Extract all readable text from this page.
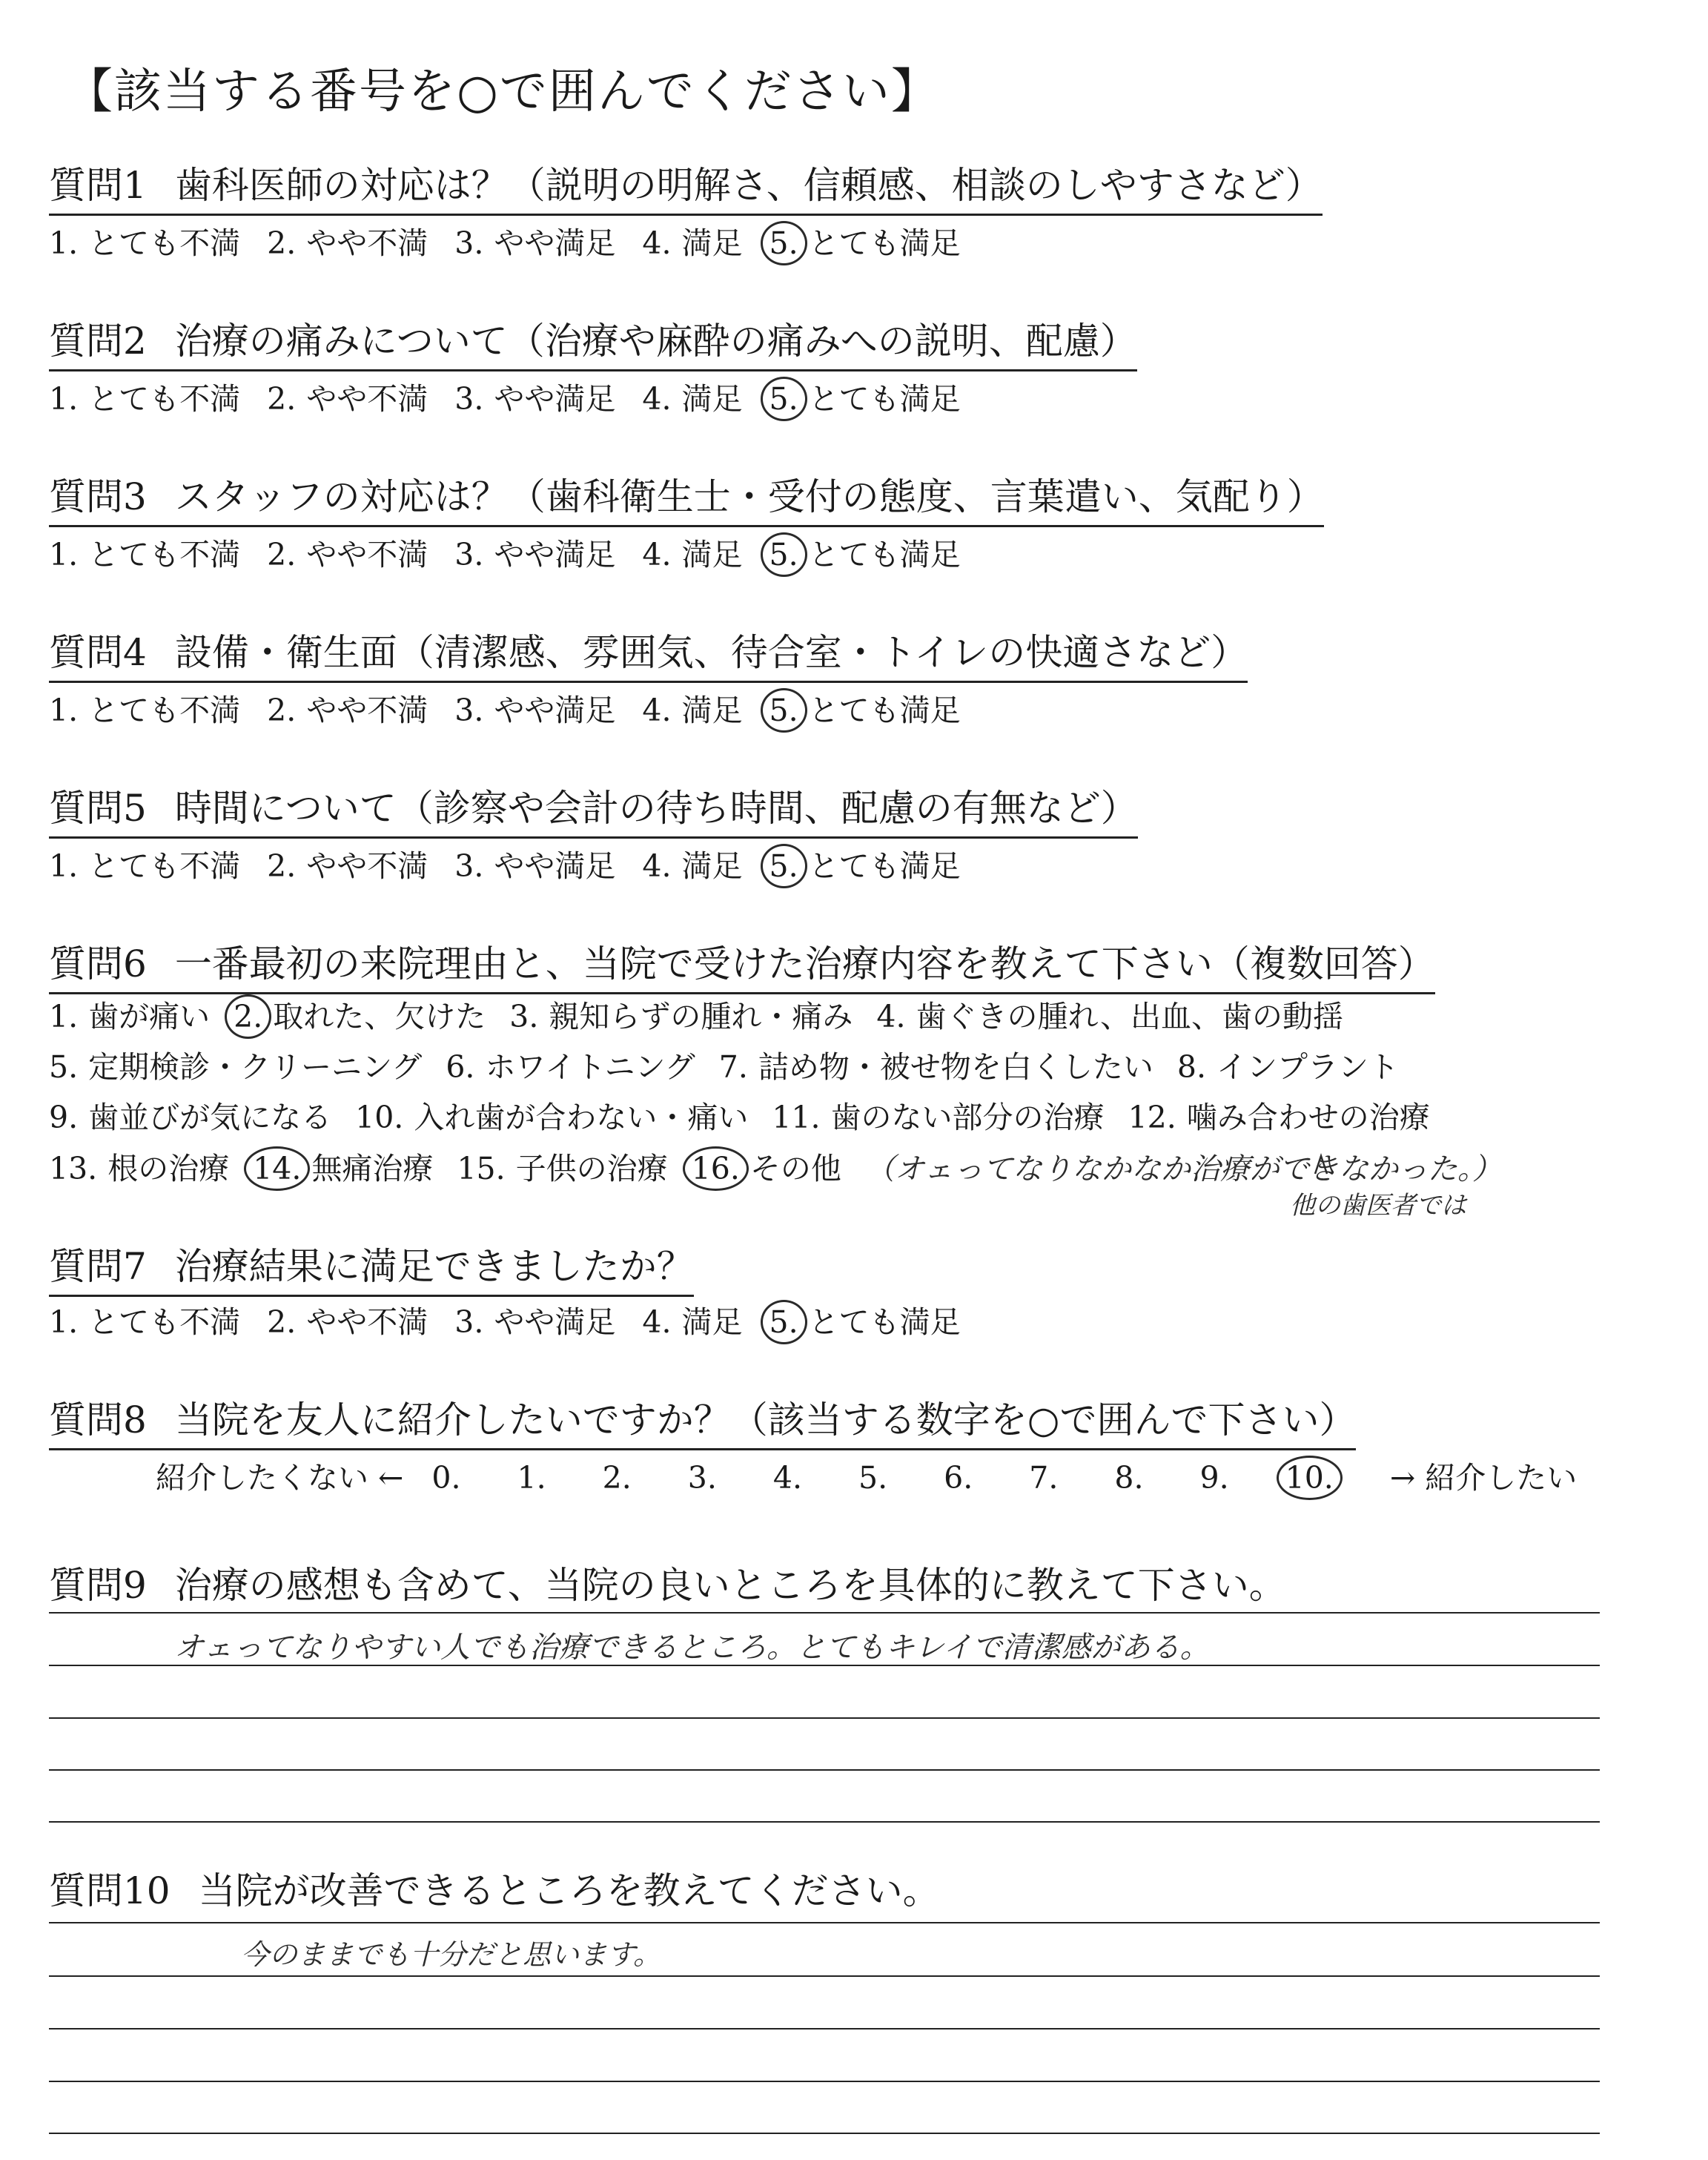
【該当する番号を○で囲んでください】
質問1 歯科医師の対応は？（説明の明解さ、信頼感、相談のしやすさなど）
1. とても不満 2. やや不満 3. やや満足 4. 満足 5. とても満足
質問2 治療の痛みについて（治療や麻酔の痛みへの説明、配慮）
1. とても不満 2. やや不満 3. やや満足 4. 満足 5. とても満足
質問3 スタッフの対応は？（歯科衛生士・受付の態度、言葉遣い、気配り）
1. とても不満 2. やや不満 3. やや満足 4. 満足 5. とても満足
質問4 設備・衛生面（清潔感、雰囲気、待合室・トイレの快適さなど）
1. とても不満 2. やや不満 3. やや満足 4. 満足 5. とても満足
質問5 時間について（診察や会計の待ち時間、配慮の有無など）
1. とても不満 2. やや不満 3. やや満足 4. 満足 5. とても満足
質問6 一番最初の来院理由と、当院で受けた治療内容を教えて下さい（複数回答）
1. 歯が痛い 2. 取れた、欠けた 3. 親知らずの腫れ・痛み 4. 歯ぐきの腫れ、出血、歯の動揺
5. 定期検診・クリーニング 6. ホワイトニング 7. 詰め物・被せ物を白くしたい 8. インプラント
9. 歯並びが気になる 10. 入れ歯が合わない・痛い 11. 歯のない部分の治療 12. 噛み合わせの治療
13. 根の治療 14. 無痛治療 15. 子供の治療 16. その他 （オェってなりなかなか治療ができなかった。）
他の歯医者では
質問7 治療結果に満足できましたか？
1. とても不満 2. やや不満 3. やや満足 4. 満足 5. とても満足
質問8 当院を友人に紹介したいですか？（該当する数字を○で囲んで下さい）
紹介したくない ← 0. 1. 2. 3. 4. 5. 6. 7. 8. 9. 10. → 紹介したい
質問9 治療の感想も含めて、当院の良いところを具体的に教えて下さい。
オェってなりやすい人でも治療できるところ。とてもキレイで清潔感がある。
質問10 当院が改善できるところを教えてください。
今のままでも十分だと思います。
